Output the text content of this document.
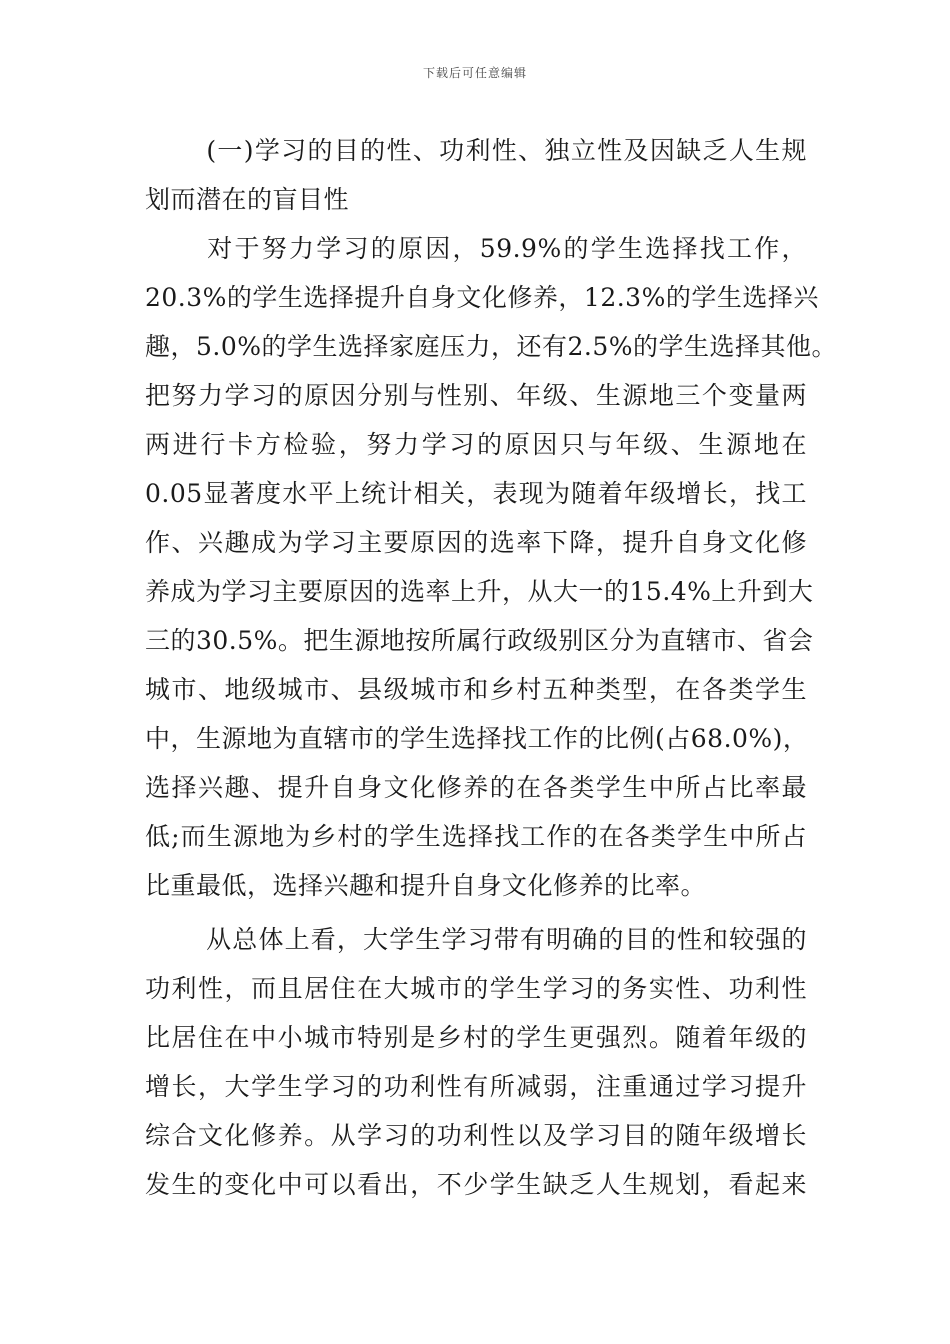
下载后可任意编辑
　(一)学习的目的性、功利性、独立性及因缺乏人生规
划而潜在的盲目性
　对于努力学习的原因，59.9%的学生选择找工作，
20.3%的学生选择提升自身文化修养，12.3%的学生选择兴
趣，5.0%的学生选择家庭压力，还有2.5%的学生选择其他。
把努力学习的原因分别与性别、年级、生源地三个变量两
两进行卡方检验，努力学习的原因只与年级、生源地在
0.05显著度水平上统计相关，表现为随着年级增长，找工
作、兴趣成为学习主要原因的选率下降，提升自身文化修
养成为学习主要原因的选率上升，从大一的15.4%上升到大
三的30.5%。把生源地按所属行政级别区分为直辖市、省会
城市、地级城市、县级城市和乡村五种类型，在各类学生
中，生源地为直辖市的学生选择找工作的比例(占68.0%)，
选择兴趣、提升自身文化修养的在各类学生中所占比率最
低;而生源地为乡村的学生选择找工作的在各类学生中所占
比重最低，选择兴趣和提升自身文化修养的比率。
　从总体上看，大学生学习带有明确的目的性和较强的
功利性，而且居住在大城市的学生学习的务实性、功利性
比居住在中小城市特别是乡村的学生更强烈。随着年级的
增长，大学生学习的功利性有所减弱，注重通过学习提升
综合文化修养。从学习的功利性以及学习目的随年级增长
发生的变化中可以看出，不少学生缺乏人生规划，看起来
